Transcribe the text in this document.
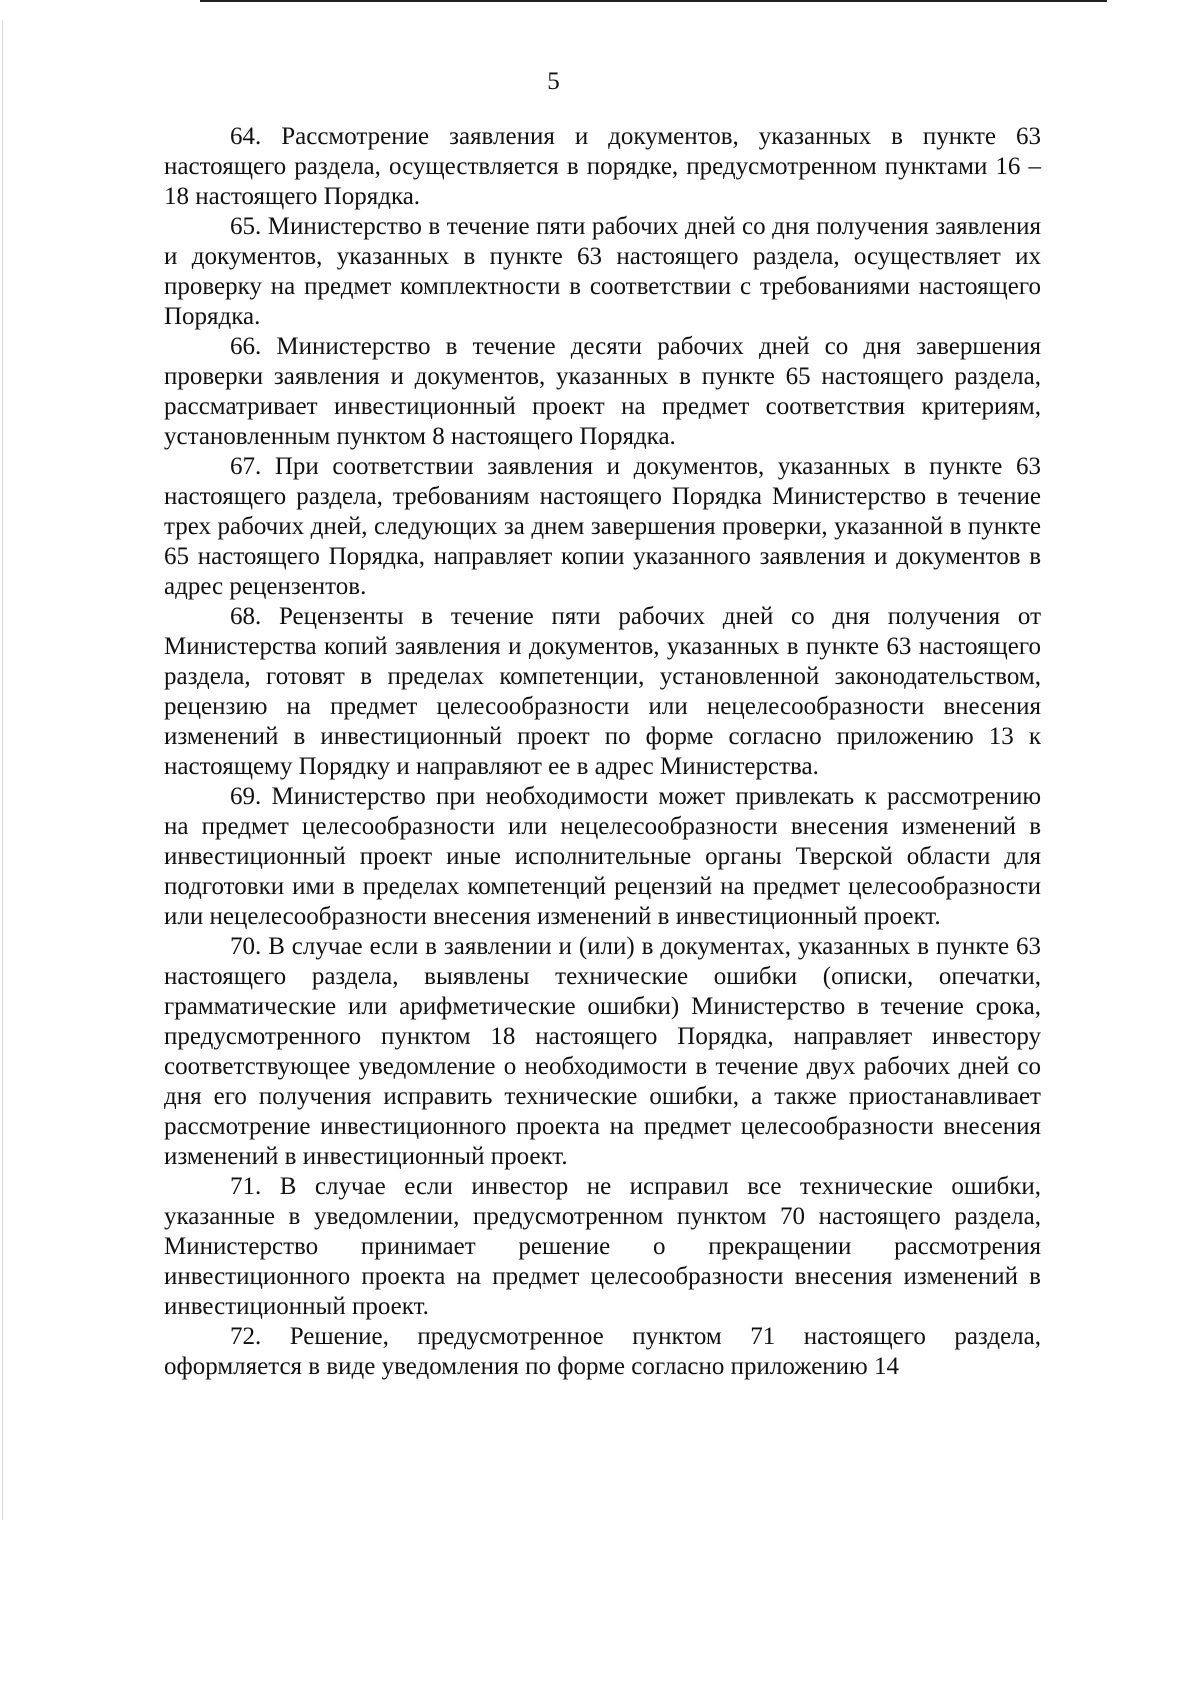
5

64. Рассмотрение заявления и документов, указанных в пункте 63 настоящего раздела, осуществляется в порядке, предусмотренном пунктами 16 – 18 настоящего Порядка.

65. Министерство в течение пяти рабочих дней со дня получения заявления и документов, указанных в пункте 63 настоящего раздела, осуществляет их проверку на предмет комплектности в соответствии с требованиями настоящего Порядка.

66. Министерство в течение десяти рабочих дней со дня завершения проверки заявления и документов, указанных в пункте 65 настоящего раздела, рассматривает инвестиционный проект на предмет соответствия критериям, установленным пунктом 8 настоящего Порядка.

67. При соответствии заявления и документов, указанных в пункте 63 настоящего раздела, требованиям настоящего Порядка Министерство в течение трех рабочих дней, следующих за днем завершения проверки, указанной в пункте 65 настоящего Порядка, направляет копии указанного заявления и документов в адрес рецензентов.

68. Рецензенты в течение пяти рабочих дней со дня получения от Министерства копий заявления и документов, указанных в пункте 63 настоящего раздела, готовят в пределах компетенции, установленной законодательством, рецензию на предмет целесообразности или нецелесообразности внесения изменений в инвестиционный проект по форме согласно приложению 13 к настоящему Порядку и направляют ее в адрес Министерства.

69. Министерство при необходимости может привлекать к рассмотрению на предмет целесообразности или нецелесообразности внесения изменений в инвестиционный проект иные исполнительные органы Тверской области для подготовки ими в пределах компетенций рецензий на предмет целесообразности или нецелесообразности внесения изменений в инвестиционный проект.

70. В случае если в заявлении и (или) в документах, указанных в пункте 63 настоящего раздела, выявлены технические ошибки (описки, опечатки, грамматические или арифметические ошибки) Министерство в течение срока, предусмотренного пунктом 18 настоящего Порядка, направляет инвестору соответствующее уведомление о необходимости в течение двух рабочих дней со дня его получения исправить технические ошибки, а также приостанавливает рассмотрение инвестиционного проекта на предмет целесообразности внесения изменений в инвестиционный проект.

71. В случае если инвестор не исправил все технические ошибки, указанные в уведомлении, предусмотренном пунктом 70 настоящего раздела, Министерство принимает решение о прекращении рассмотрения инвестиционного проекта на предмет целесообразности внесения изменений в инвестиционный проект.

72. Решение, предусмотренное пунктом 71 настоящего раздела, оформляется в виде уведомления по форме согласно приложению 14
